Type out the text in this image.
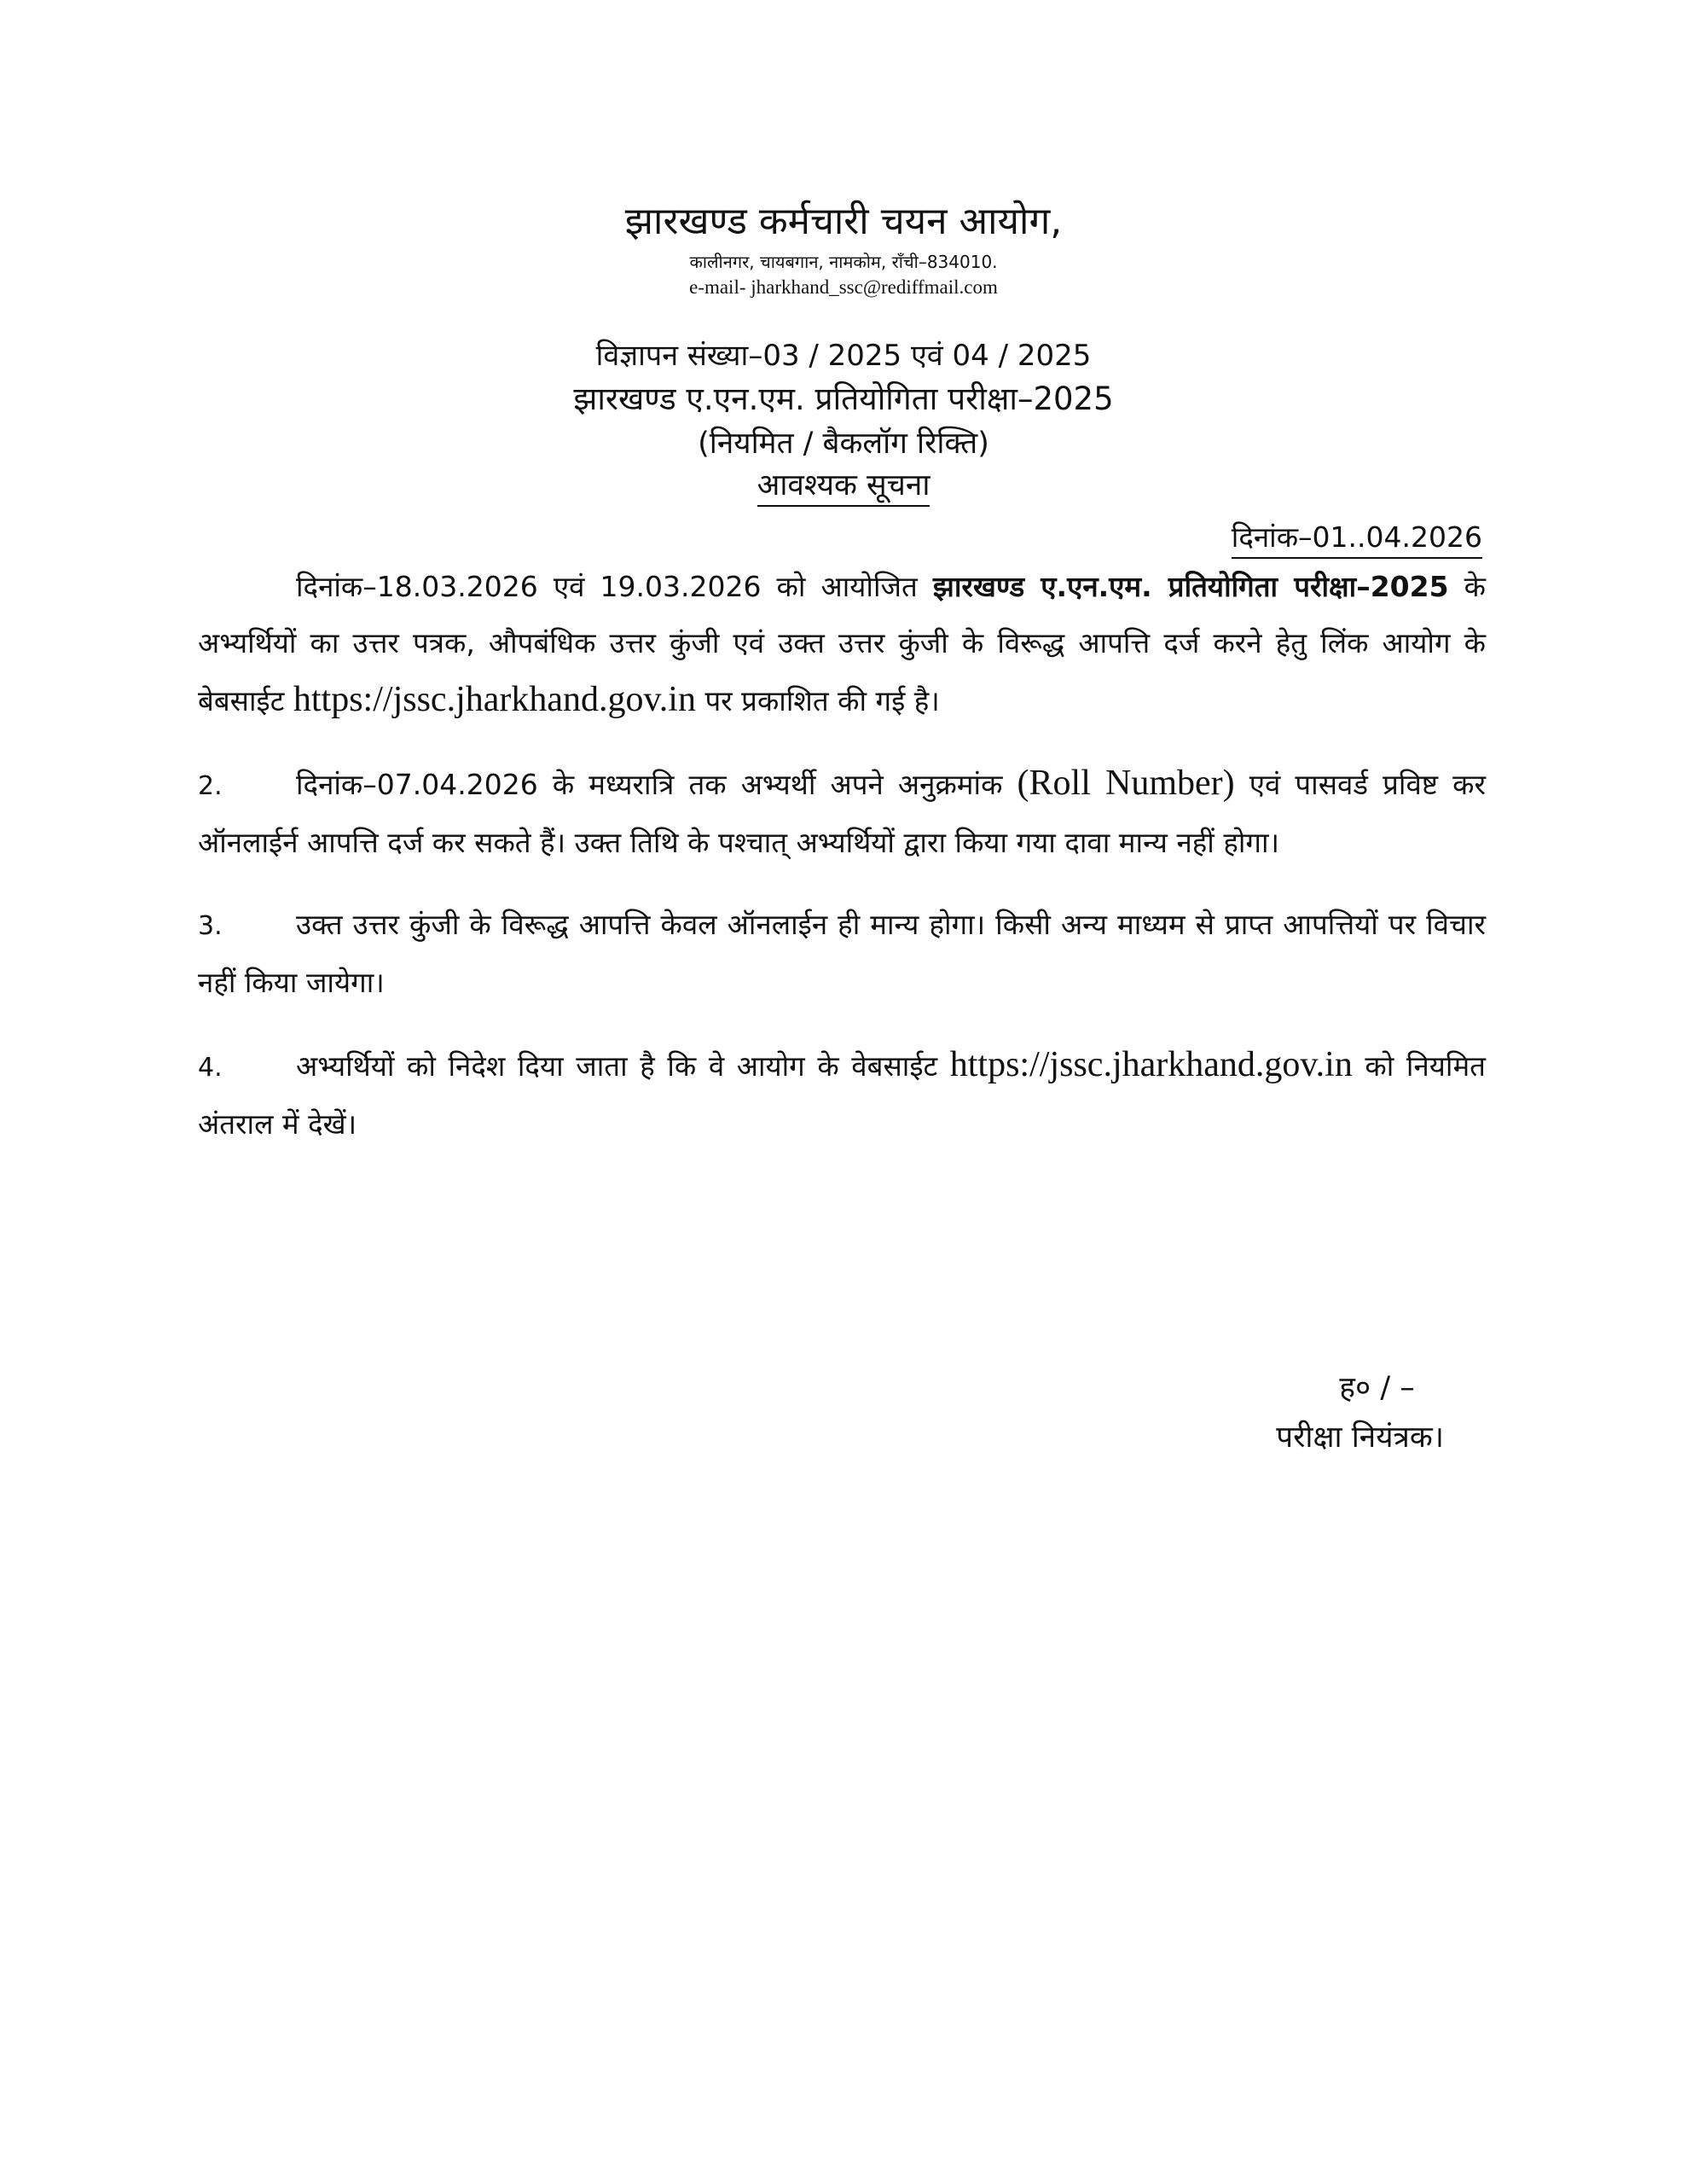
झारखण्ड कर्मचारी चयन आयोग,

कालीनगर, चायबगान, नामकोम, राँची–834010.

e-mail- jharkhand_ssc@rediffmail.com

विज्ञापन संख्या–03 / 2025 एवं 04 / 2025

झारखण्ड ए.एन.एम. प्रतियोगिता परीक्षा–2025

(नियमित / बैकलॉग रिक्ति)

आवश्यक सूचना

दिनांक–01..04.2026

दिनांक–18.03.2026 एवं 19.03.2026 को आयोजित झारखण्ड ए.एन.एम. प्रतियोगिता परीक्षा–2025 के अभ्यर्थियों का उत्तर पत्रक, औपबंधिक उत्तर कुंजी एवं उक्त उत्तर कुंजी के विरूद्ध आपत्ति दर्ज करने हेतु लिंक आयोग के बेबसाईट https://jssc.jharkhand.gov.in पर प्रकाशित की गई है।

2.	दिनांक–07.04.2026 के मध्यरात्रि तक अभ्यर्थी अपने अनुक्रमांक (Roll Number) एवं पासवर्ड प्रविष्ट कर ऑनलाईर्न आपत्ति दर्ज कर सकते हैं। उक्त तिथि के पश्चात् अभ्यर्थियों द्वारा किया गया दावा मान्य नहीं होगा।

3.	उक्त उत्तर कुंजी के विरूद्ध आपत्ति केवल ऑनलाईन ही मान्य होगा। किसी अन्य माध्यम से प्राप्त आपत्तियों पर विचार नहीं किया जायेगा।

4.	अभ्यर्थियों को निदेश दिया जाता है कि वे आयोग के वेबसाईट https://jssc.jharkhand.gov.in को नियमित अंतराल में देखें।

ह० / –

परीक्षा नियंत्रक।
